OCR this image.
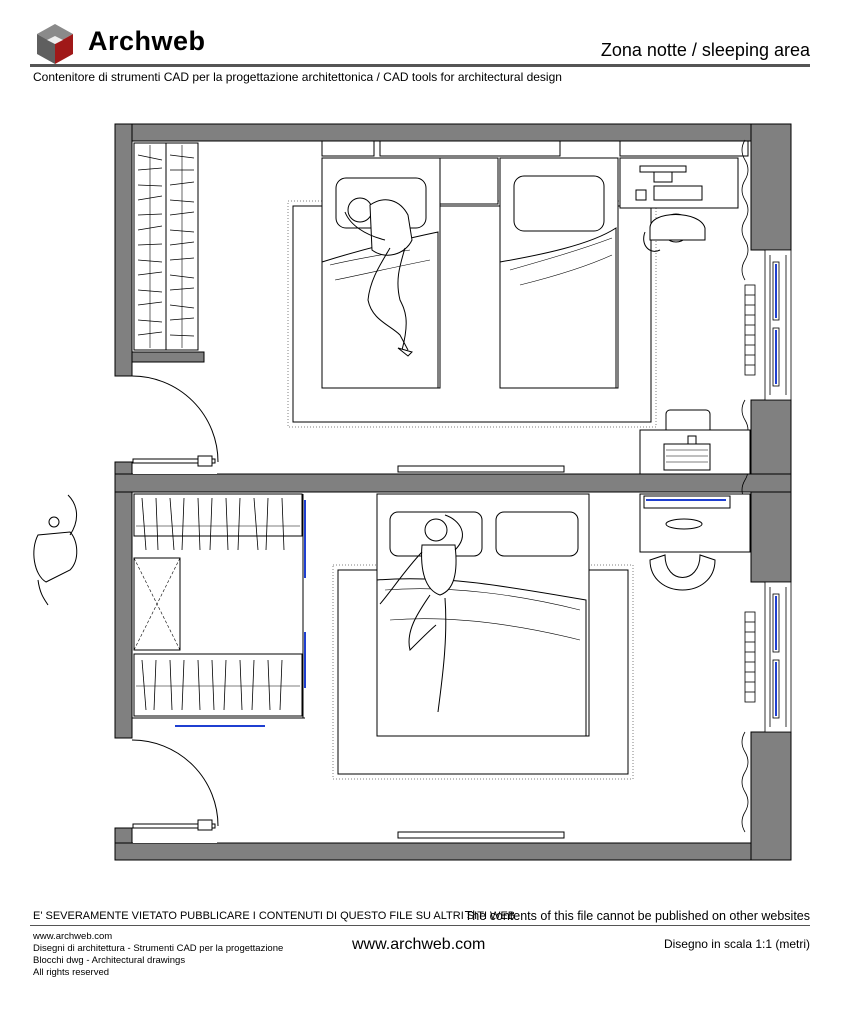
Archweb	Zona notte / sleeping area
Contenitore di strumenti CAD per la progettazione architettonica / CAD tools for architectural design
E' SEVERAMENTE VIETATO PUBBLICARE I CONTENUTI DI QUESTO FILE SU ALTRI SITI WEB
The contents of this file cannot be published on other websites
www.archweb.com
Disegni di architettura - Strumenti CAD per la progettazione
Blocchi dwg - Architectural drawings
All rights reserved
www.archweb.com	Disegno in scala 1:1 (metri)
